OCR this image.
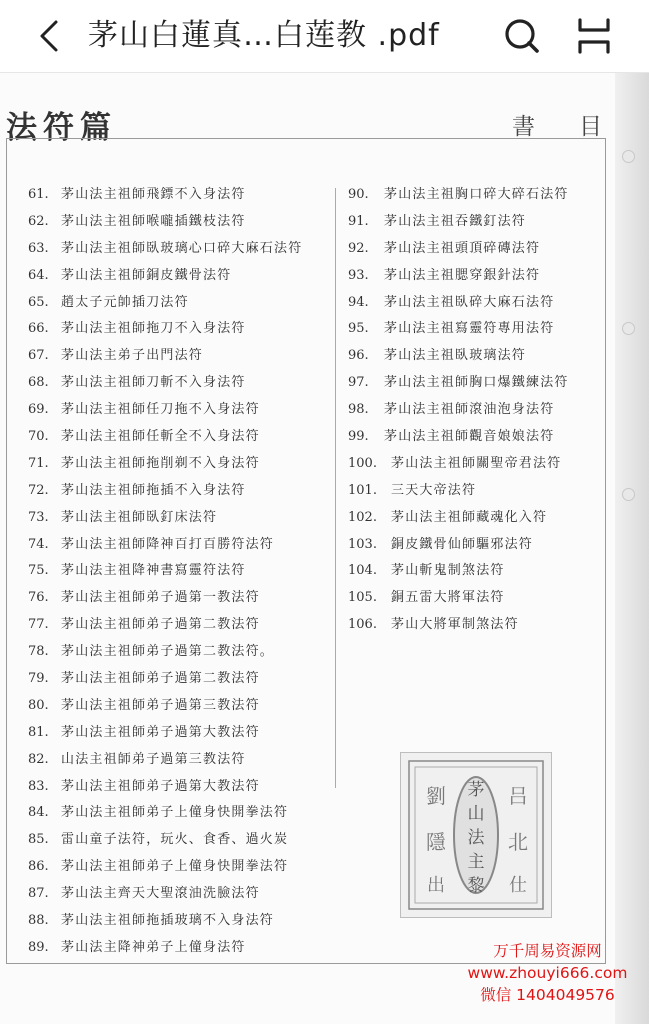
茅山白蓮真…白莲教 .pdf
法符篇	書目
61. 茅山法主祖師飛鏢不入身法符
62. 茅山法主祖師喉嚨插鐵枝法符
63. 茅山法主祖師臥玻璃心口碎大麻石法符
64. 茅山法主祖師銅皮鐵骨法符
65. 趙太子元帥插刀法符
66. 茅山法主祖師拖刀不入身法符
67. 茅山法主弟子出門法符
68. 茅山法主祖師刀斬不入身法符
69. 茅山法主祖師任刀拖不入身法符
70. 茅山法主祖師任斬全不入身法符
71. 茅山法主祖師拖削剃不入身法符
72. 茅山法主祖師拖插不入身法符
73. 茅山法主祖師臥釘床法符
74. 茅山法主祖師降神百打百勝符法符
75. 茅山法主祖降神書寫靈符法符
76. 茅山法主祖師弟子過第一教法符
77. 茅山法主祖師弟子過第二教法符
78. 茅山法主祖師弟子過第二教法符。
79. 茅山法主祖師弟子過第二教法符
80. 茅山法主祖師弟子過第三教法符
81. 茅山法主祖師弟子過第大教法符
82. 山法主祖師弟子過第三教法符
83. 茅山法主祖師弟子過第大教法符
84. 茅山法主祖師弟子上僮身快開拳法符
85. 雷山童子法符，玩火、食香、過火炭
86. 茅山法主祖師弟子上僮身快開拳法符
87. 茅山法主齊天大聖滾油洗臉法符
88. 茅山法主祖師拖插玻璃不入身法符
89. 茅山法主降神弟子上僮身法符
90.	茅山法主祖胸口碎大碎石法符
91.	茅山法主祖吞鐵釘法符
92.	茅山法主祖頭頂碎磚法符
93.	茅山法主祖腮穿銀針法符
94.	茅山法主祖臥碎大麻石法符
95.	茅山法主祖寫靈符專用法符
96.	茅山法主祖臥玻璃法符
97.	茅山法主祖師胸口爆鐵練法符
98.	茅山法主祖師滾油泡身法符
99.	茅山法主祖師觀音娘娘法符
100.	茅山法主祖師關聖帝君法符
101.	三天大帝法符
102.	茅山法主祖師藏魂化入符
103.	銅皮鐵骨仙師驅邪法符
104.	茅山斬鬼制煞法符
105.	銅五雷大將軍法符
106.	茅山大將軍制煞法符
茅
山
法
主
黎
劉
隱
出
吕
北
仕
万千周易资源网
www.zhouyi666.com
微信 1404049576
